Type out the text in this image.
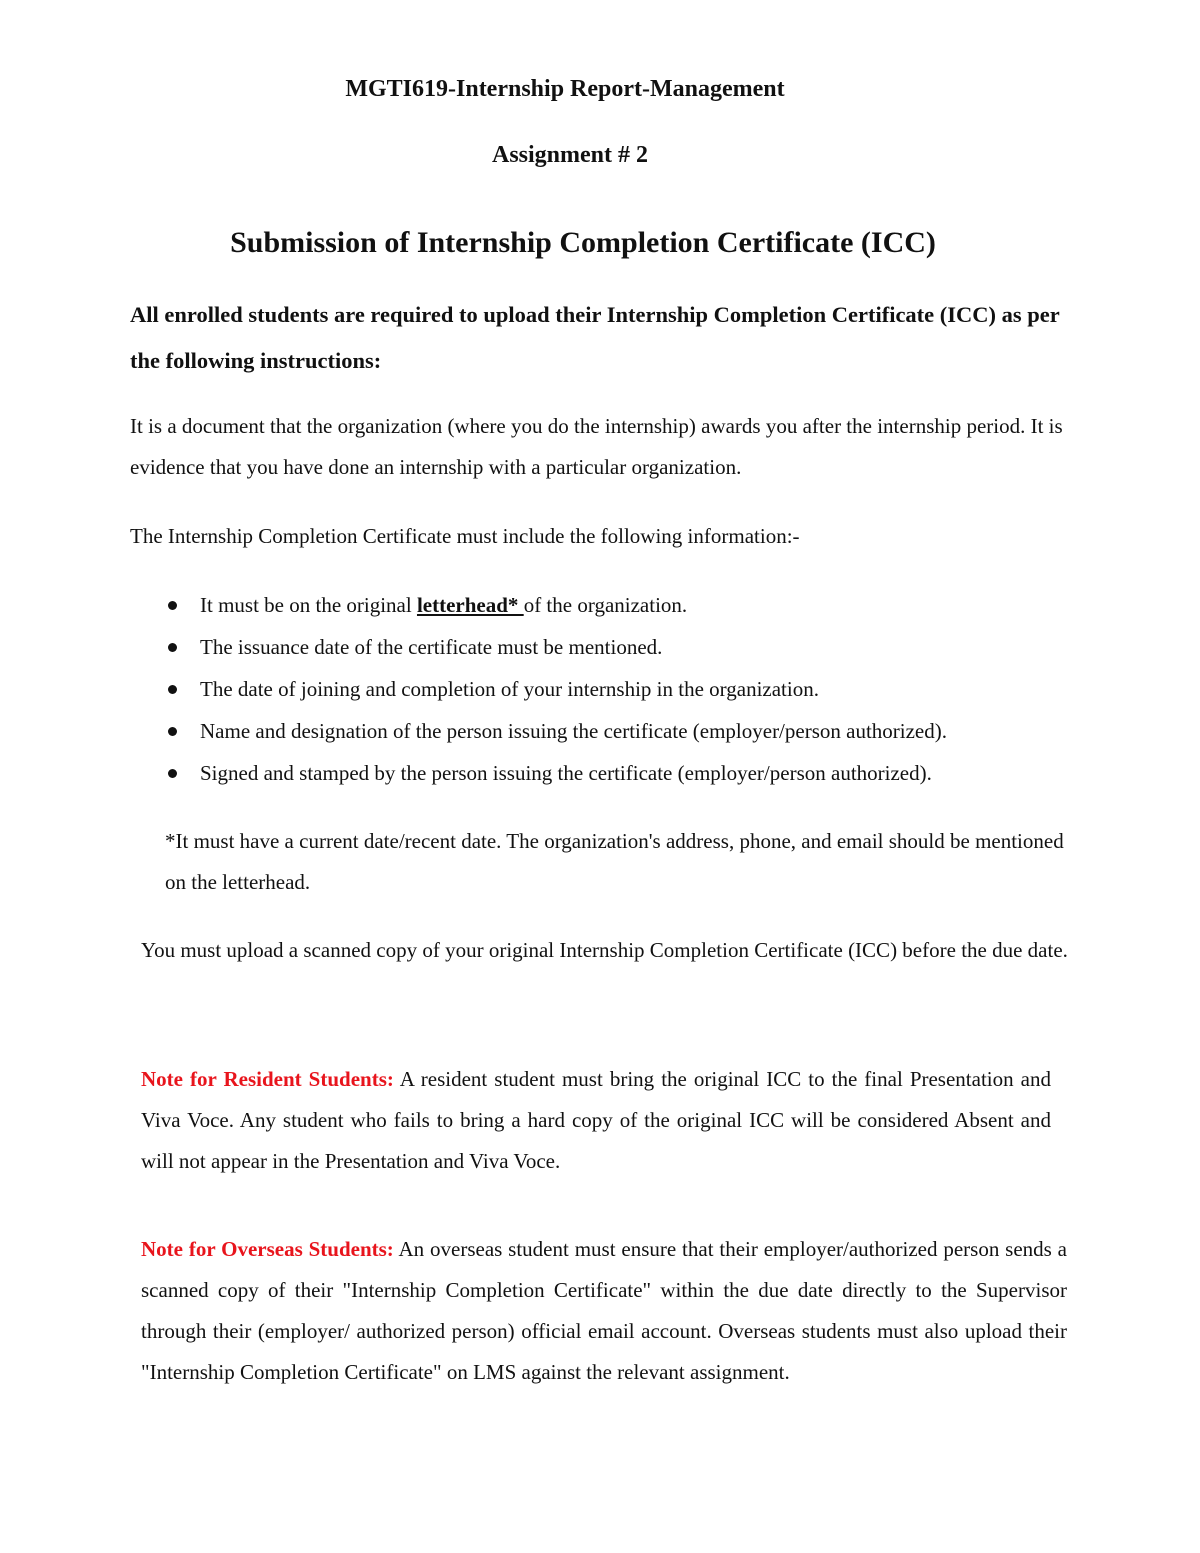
MGTI619-Internship Report-Management
Assignment # 2
Submission of Internship Completion Certificate (ICC)

All enrolled students are required to upload their Internship Completion Certificate (ICC) as per the following instructions:

It is a document that the organization (where you do the internship) awards you after the internship period. It is evidence that you have done an internship with a particular organization.

The Internship Completion Certificate must include the following information:-

It must be on the original letterhead* of the organization.
The issuance date of the certificate must be mentioned.
The date of joining and completion of your internship in the organization.
Name and designation of the person issuing the certificate (employer/person authorized).
Signed and stamped by the person issuing the certificate (employer/person authorized).

*It must have a current date/recent date. The organization's address, phone, and email should be mentioned on the letterhead.

You must upload a scanned copy of your original Internship Completion Certificate (ICC) before the due date.

Note for Resident Students: A resident student must bring the original ICC to the final Presentation and Viva Voce. Any student who fails to bring a hard copy of the original ICC will be considered Absent and will not appear in the Presentation and Viva Voce.

Note for Overseas Students: An overseas student must ensure that their employer/authorized person sends a scanned copy of their "Internship Completion Certificate" within the due date directly to the Supervisor through their (employer/ authorized person) official email account. Overseas students must also upload their "Internship Completion Certificate" on LMS against the relevant assignment.
